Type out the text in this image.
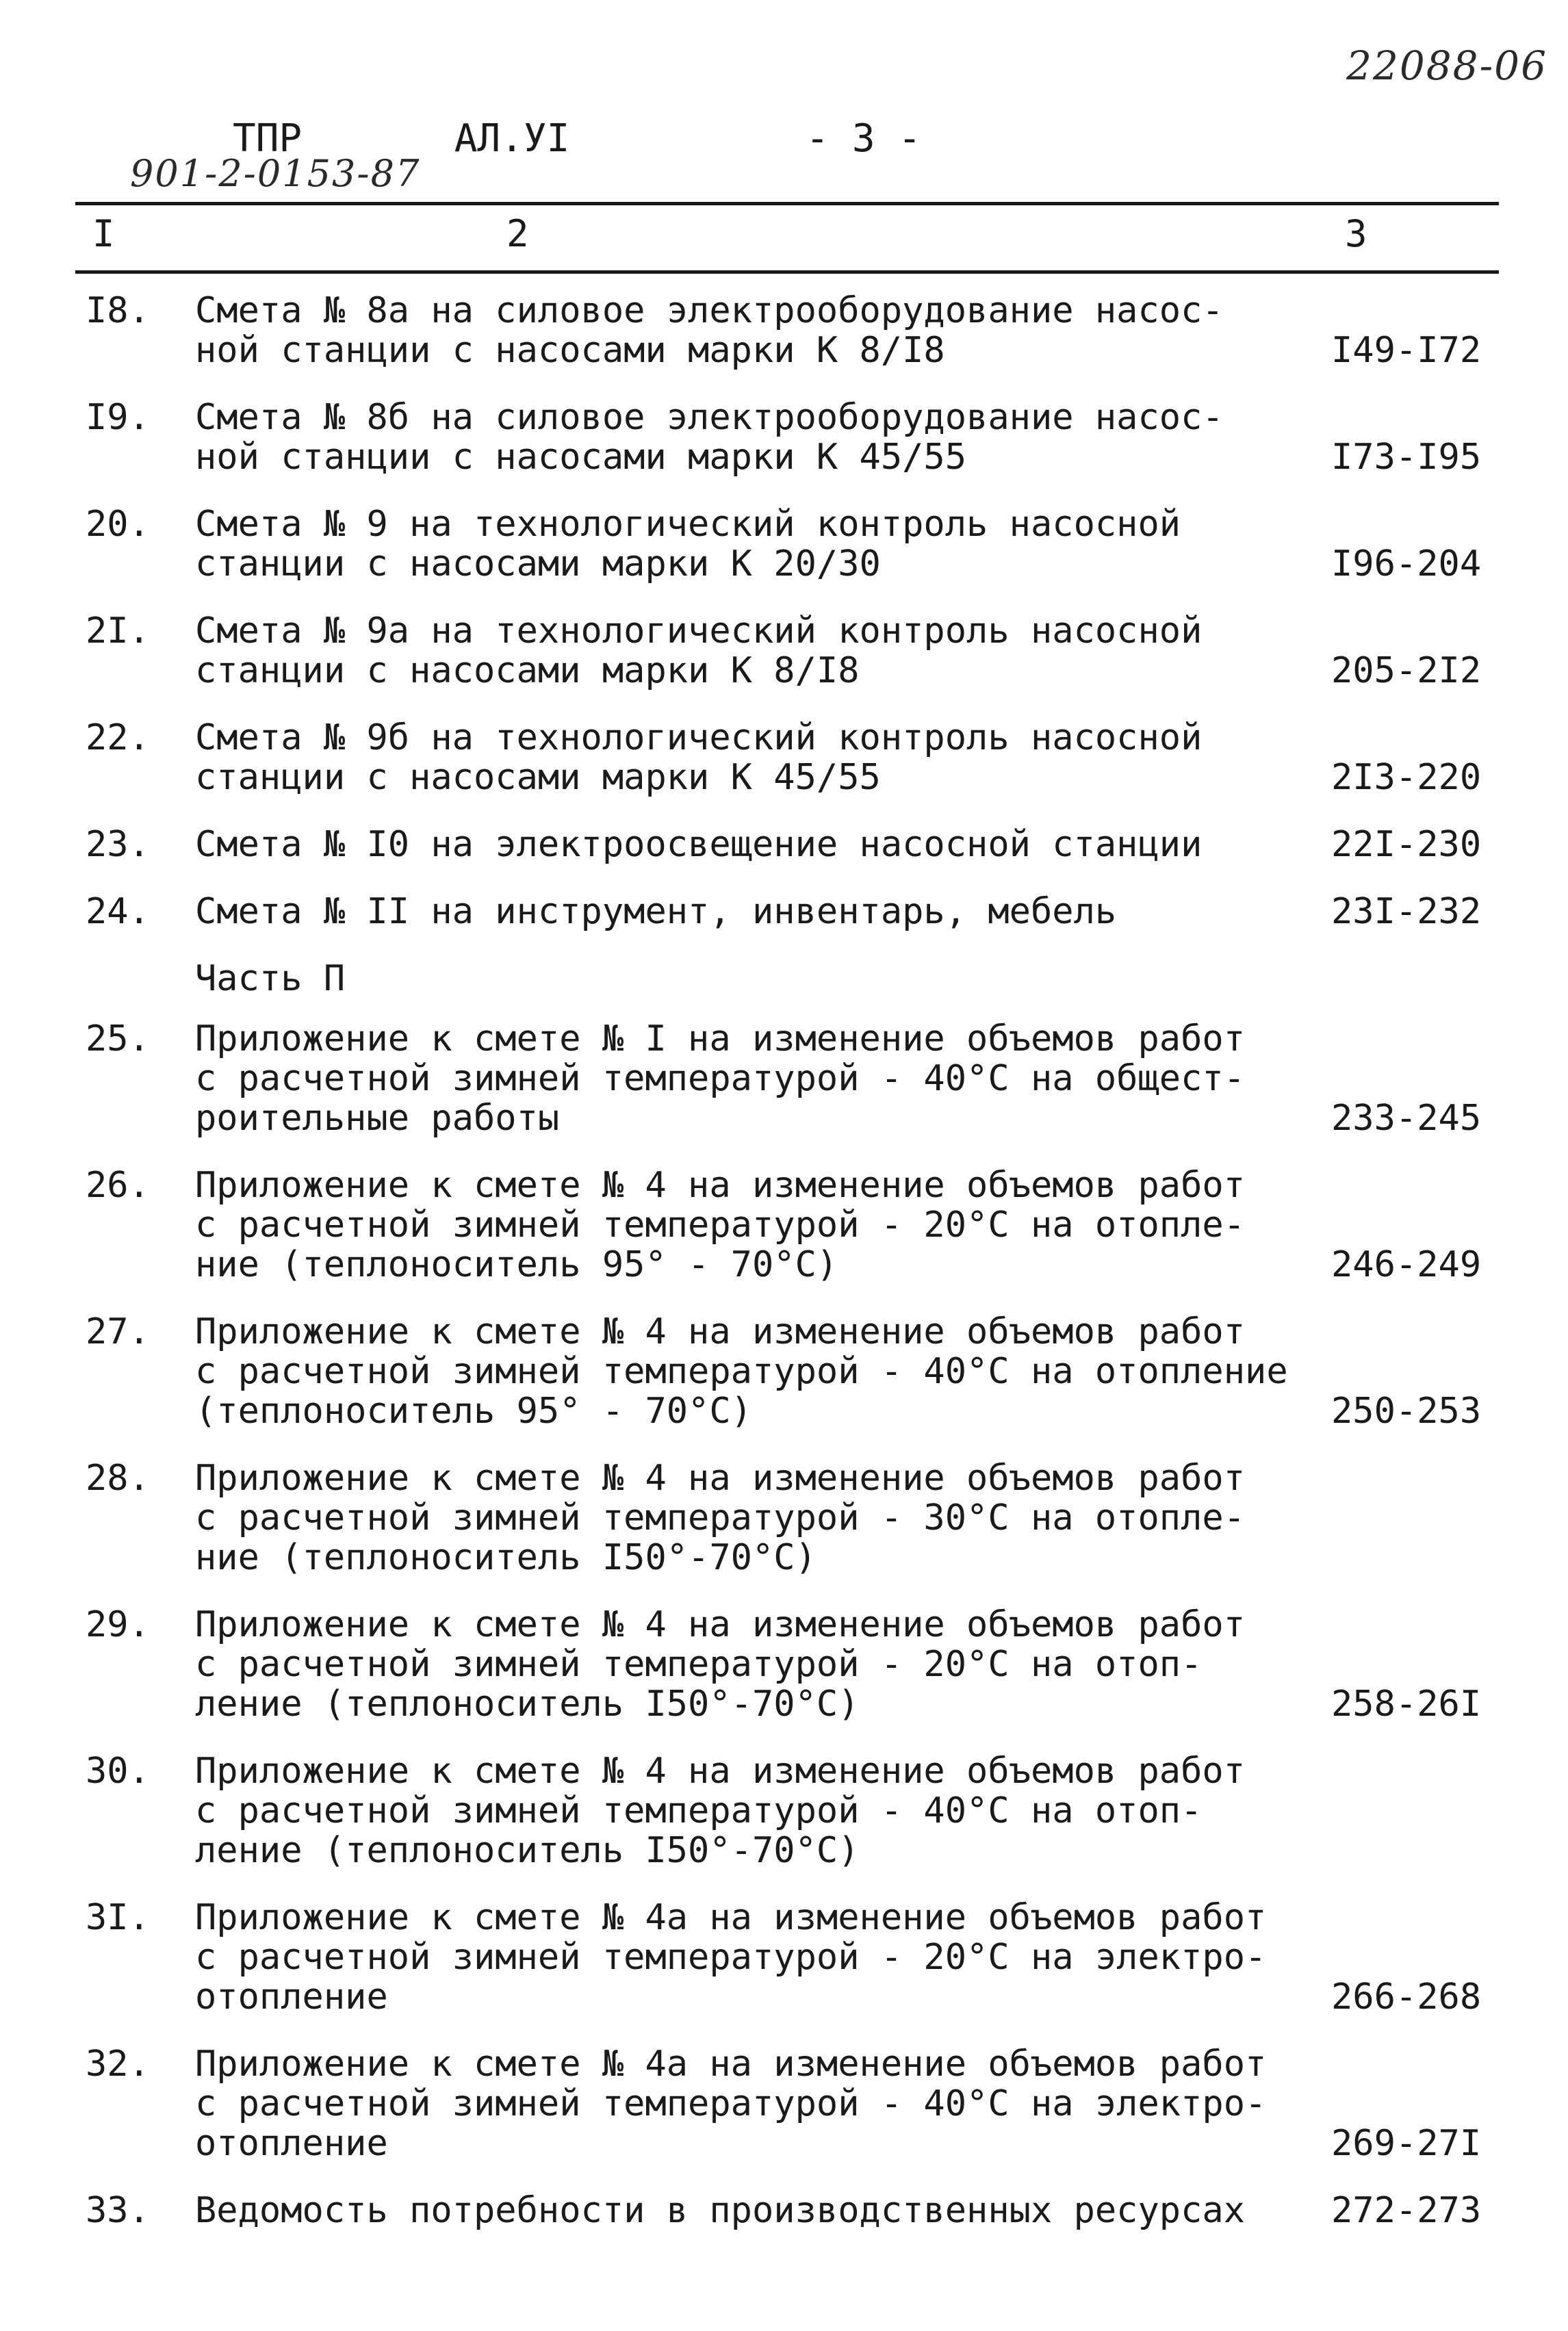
22088-06
ТПР	АЛ.УІ	- 3 -
901-2-0153-87
I	2	3
I8. Смета № 8а на силовое электрооборудование насос-
ной станции с насосами марки К 8/I8	I49-I72
I9. Смета № 8б на силовое электрооборудование насос-
ной станции с насосами марки К 45/55	I73-I95
20. Смета № 9 на технологический контроль насосной
станции с насосами марки К 20/30	I96-204
2I. Смета № 9а на технологический контроль насосной
станции с насосами марки К 8/I8	205-2I2
22. Смета № 9б на технологический контроль насосной
станции с насосами марки К 45/55	2I3-220
23. Смета № I0 на электроосвещение насосной станции	22I-230
24. Смета № II на инструмент, инвентарь, мебель	23I-232
Часть П
25. Приложение к смете № I на изменение объемов работ
с расчетной зимней температурой - 40°С на общест-
роительные работы	233-245
26. Приложение к смете № 4 на изменение объемов работ
с расчетной зимней температурой - 20°С на отопле-
ние (теплоноситель 95° - 70°С)	246-249
27. Приложение к смете № 4 на изменение объемов работ
с расчетной зимней температурой - 40°С на отопление
(теплоноситель 95° - 70°С)	250-253
28. Приложение к смете № 4 на изменение объемов работ
с расчетной зимней температурой - 30°С на отопле-
ние (теплоноситель I50°-70°С)
29. Приложение к смете № 4 на изменение объемов работ
с расчетной зимней температурой - 20°С на отоп-
ление (теплоноситель I50°-70°С)	258-26I
30. Приложение к смете № 4 на изменение объемов работ
с расчетной зимней температурой - 40°С на отоп-
ление (теплоноситель I50°-70°С)
3I. Приложение к смете № 4а на изменение объемов работ
с расчетной зимней температурой - 20°С на электро-
отопление	266-268
32. Приложение к смете № 4а на изменение объемов работ
с расчетной зимней температурой - 40°С на электро-
отопление	269-27I
33. Ведомость потребности в производственных ресурсах	272-273
